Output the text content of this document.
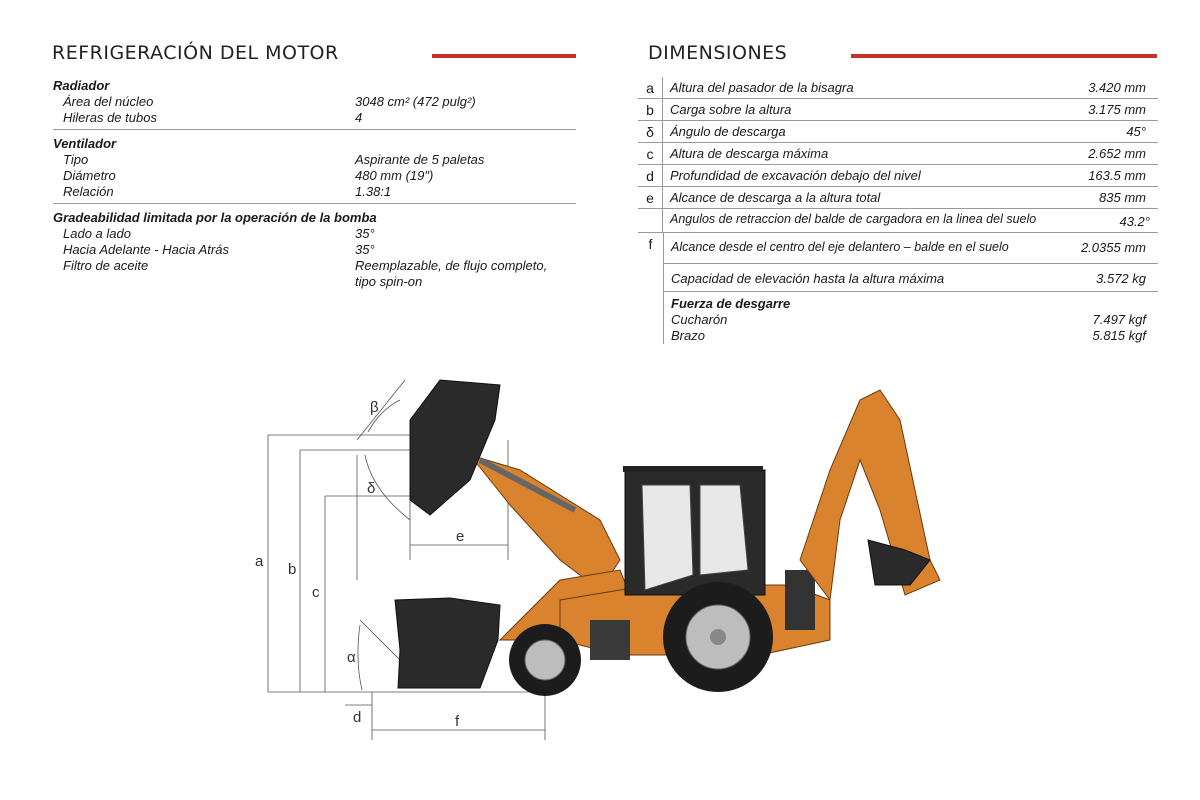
REFRIGERACIÓN DEL MOTOR	DIMENSIONES
Radiador
Área del núcleo	3048 cm² (472 pulg²)
Hileras de tubos	4
Ventilador
Tipo	Aspirante de 5 paletas
Diámetro	480 mm (19")
Relación	1.38:1
Gradeabilidad limitada por la operación de la bomba
Lado a lado	35°
Hacia Adelante - Hacia Atrás	35°
Filtro de aceite	Reemplazable, de flujo completo,
tipo spin-on
a	Altura del pasador de la bisagra	3.420 mm
b	Carga sobre la altura	3.175 mm
δ	Ángulo de descarga	45°
c	Altura de descarga máxima	2.652 mm
d	Profundidad de excavación debajo del nivel	163.5 mm
e	Alcance de descarga a la altura total	835 mm
Angulos de retraccion del balde de cargadora en la linea del suelo	43.2°
f	Alcance desde el centro del eje delantero – balde en el suelo	2.0355 mm
Capacidad de elevación hasta la altura máxima	3.572 kg
Fuerza de desgarre
Cucharón	7.497 kgf
Brazo	5.815 kgf
a b
c
d
e
f
β
δ
α
